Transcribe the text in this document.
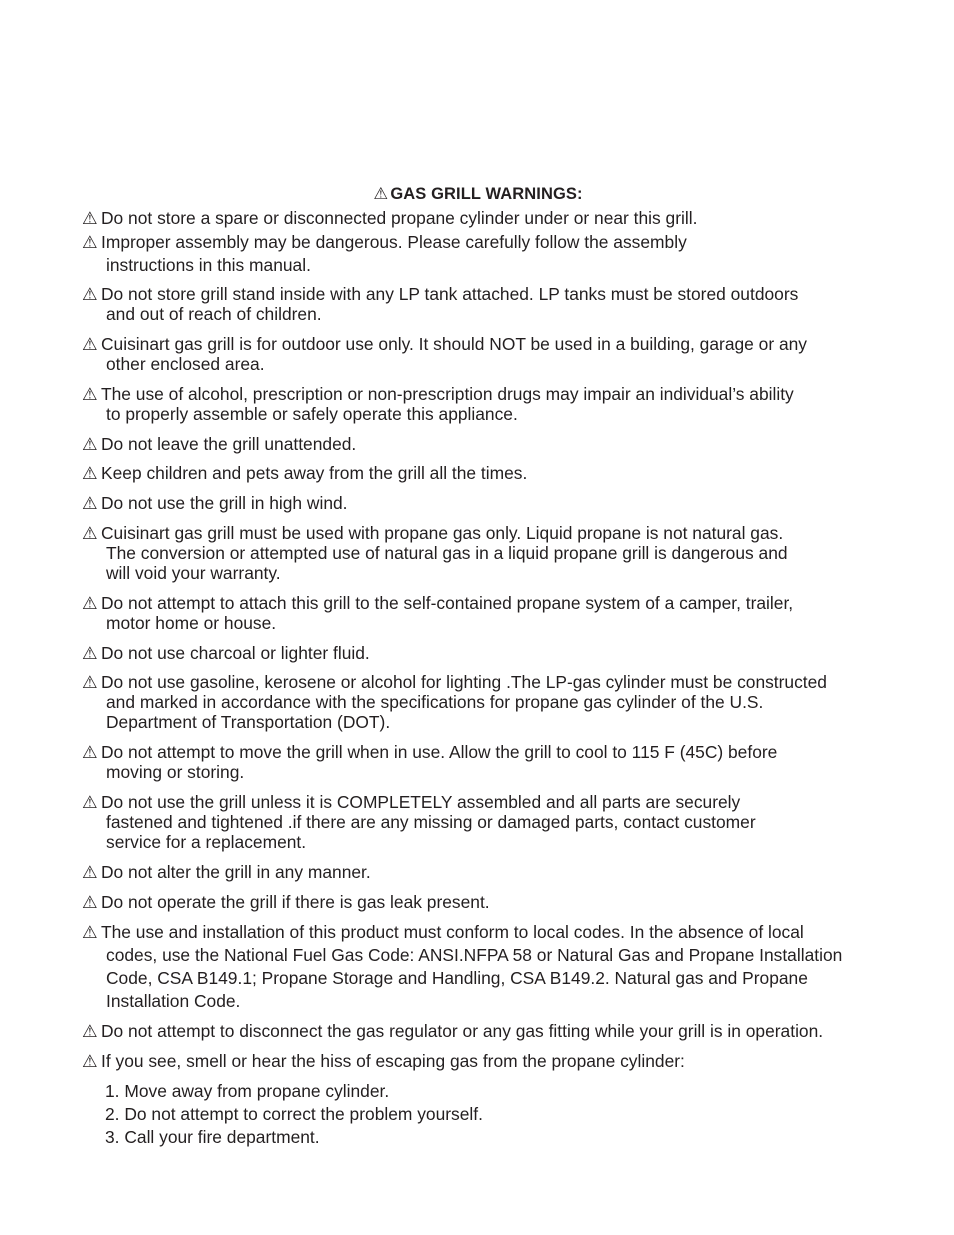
⚠ GAS GRILL WARNINGS:
⚠ Do not store a spare or disconnected propane cylinder under or near this grill.
⚠ Improper assembly may be dangerous. Please carefully follow the assembly
instructions in this manual.
⚠ Do not store grill stand inside with any LP tank attached. LP tanks must be stored outdoors
and out of reach of children.
⚠ Cuisinart gas grill is for outdoor use only. It should NOT be used in a building, garage or any
other enclosed area.
⚠ The use of alcohol, prescription or non-prescription drugs may impair an individual’s ability
to properly assemble or safely operate this appliance.
⚠ Do not leave the grill unattended.
⚠ Keep children and pets away from the grill all the times.
⚠ Do not use the grill in high wind.
⚠ Cuisinart gas grill must be used with propane gas only. Liquid propane is not natural gas.
The conversion or attempted use of natural gas in a liquid propane grill is dangerous and
will void your warranty.
⚠ Do not attempt to attach this grill to the self-contained propane system of a camper, trailer,
motor home or house.
⚠ Do not use charcoal or lighter fluid.
⚠ Do not use gasoline, kerosene or alcohol for lighting .The LP-gas cylinder must be constructed
and marked in accordance with the specifications for propane gas cylinder of the U.S.
Department of Transportation (DOT).
⚠ Do not attempt to move the grill when in use. Allow the grill to cool to 115 F (45C) before
moving or storing.
⚠ Do not use the grill unless it is COMPLETELY assembled and all parts are securely
fastened and tightened .if there are any missing or damaged parts, contact customer
service for a replacement.
⚠ Do not alter the grill in any manner.
⚠ Do not operate the grill if there is gas leak present.
⚠ The use and installation of this product must conform to local codes. In the absence of local
codes, use the National Fuel Gas Code: ANSI.NFPA 58 or Natural Gas and Propane Installation
Code, CSA B149.1; Propane Storage and Handling, CSA B149.2. Natural gas and Propane
Installation Code.
⚠ Do not attempt to disconnect the gas regulator or any gas fitting while your grill is in operation.
⚠ If you see, smell or hear the hiss of escaping gas from the propane cylinder:
1. Move away from propane cylinder.
2. Do not attempt to correct the problem yourself.
3. Call your fire department.
